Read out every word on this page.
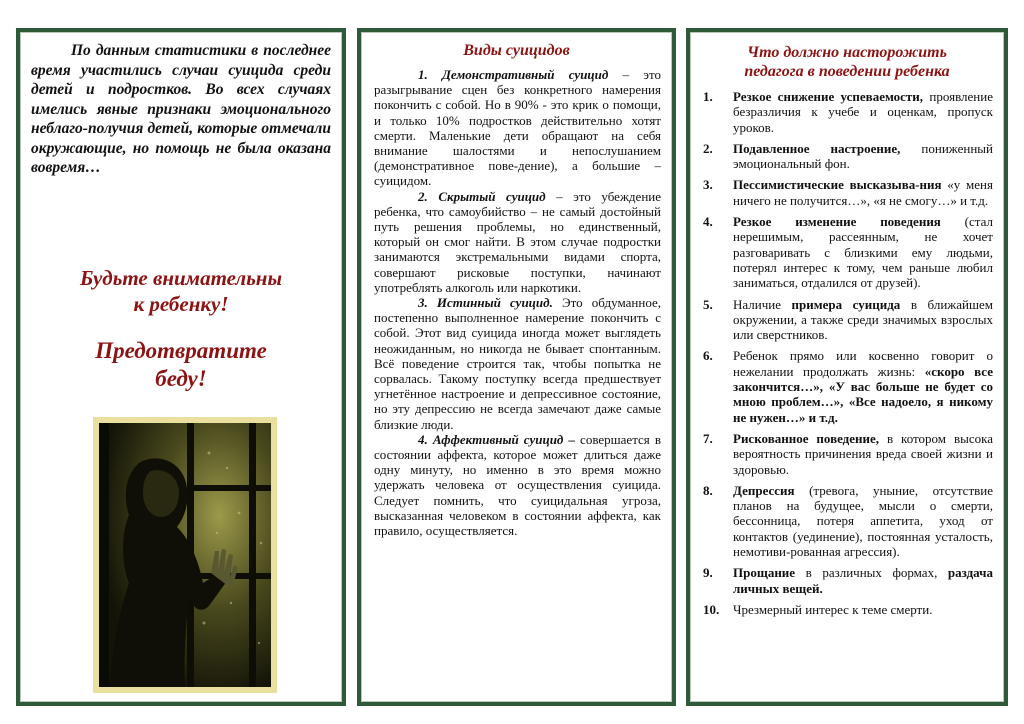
По данным статистики в последнее время участились случаи суицида среди детей и подростков. Во всех случаях имелись явные признаки эмоционального неблаго-получия детей, которые отмечали окружающие, но помощь не была оказана вовремя…
Будьте внимательны
к ребенку!
Предотвратите
беду!
Виды суицидов

1. Демонстративный суицид – это разыгрывание сцен без конкретного намерения покончить с собой. Но в 90% - это крик о помощи, и только 10% подростков действительно хотят смерти. Маленькие дети обращают на себя внимание шалостями и непослушанием (демонстративное пове-дение), а большие – суицидом.

2. Скрытый суицид – это убеждение ребенка, что самоубийство – не самый достойный путь решения проблемы, но единственный, который он смог найти. В этом случае подростки занимаются экстремальными видами спорта, совершают рисковые поступки, начинают употреблять алкоголь или наркотики.

3. Истинный суицид. Это обдуманное, постепенно выполненное намерение покончить с собой. Этот вид суицида иногда может выглядеть неожиданным, но никогда не бывает спонтанным. Всё поведение строится так, чтобы попытка не сорвалась. Такому поступку всегда предшествует угнетённое настроение и депрессивное состояние, но эту депрессию не всегда замечают даже самые близкие люди.

4. Аффективный суицид – совершается в состоянии аффекта, которое может длиться даже одну минуту, но именно в это время можно удержать человека от осуществления суицида. Следует помнить, что суицидальная угроза, высказанная человеком в состоянии аффекта, как правило, осуществляется.

Что должно насторожить
педагога в поведении ребенка
1. Резкое снижение успеваемости, проявление безразличия к учебе и оценкам, пропуск уроков.
2. Подавленное настроение, пониженный эмоциональный фон.
3. Пессимистические высказыва-ния «у меня ничего не получится…», «я не смогу…» и т.д.
4. Резкое изменение поведения (стал нерешимым, рассеянным, не хочет разговаривать с близкими ему людьми, потерял интерес к тому, чем раньше любил заниматься, отдалился от друзей).
5. Наличие примера суицида в ближайшем окружении, а также среди значимых взрослых или сверстников.
6. Ребенок прямо или косвенно говорит о нежелании продолжать жизнь: «скоро все закончится…», «У вас больше не будет со мною проблем…», «Все надоело, я никому не нужен…» и т.д.
7. Рискованное поведение, в котором высока вероятность причинения вреда своей жизни и здоровью.
8. Депрессия (тревога, уныние, отсутствие планов на будущее, мысли о смерти, бессонница, потеря аппетита, уход от контактов (уединение), постоянная усталость, немотиви-рованная агрессия).
9. Прощание в различных формах, раздача личных вещей.
10. Чрезмерный интерес к теме смерти.
